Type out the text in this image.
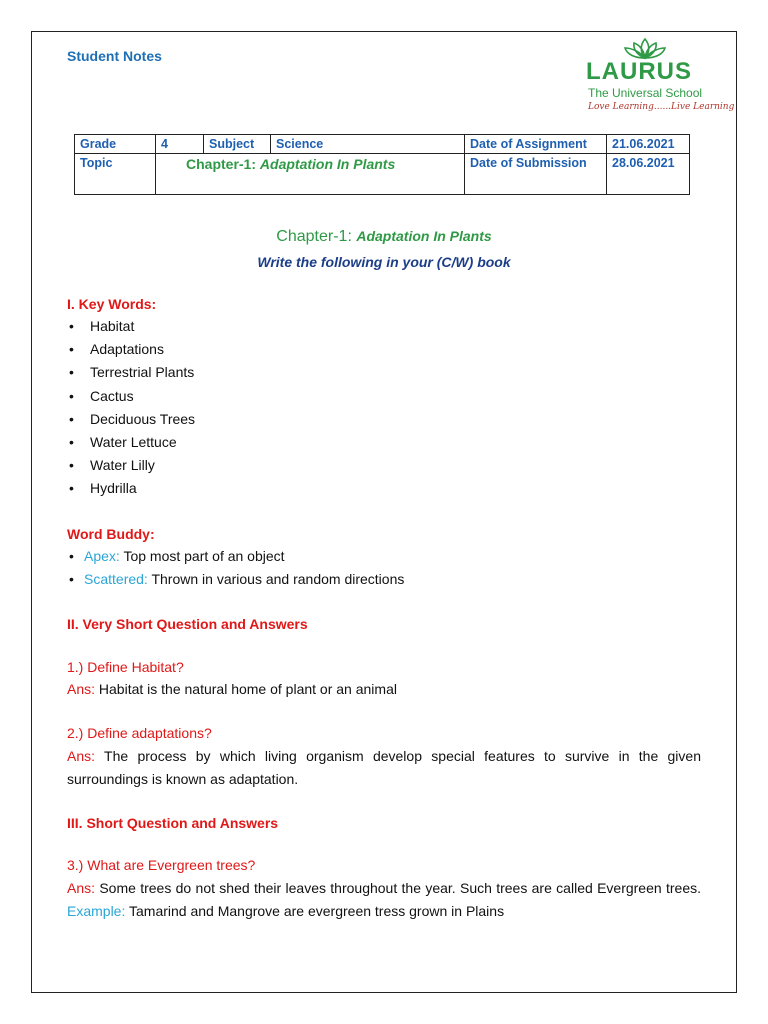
Student Notes
LAURUS
The Universal School
Love Learning......Live Learning
Grade	4	Subject	Science	Date of Assignment	21.06.2021
Topic	Chapter-1: Adaptation In Plants			Date of Submission	28.06.2021
Chapter-1: Adaptation In Plants
Write the following in your (C/W) book
I. Key Words:
• Habitat
• Adaptations
• Terrestrial Plants
• Cactus
• Deciduous Trees
• Water Lettuce
• Water Lilly
• Hydrilla
Word Buddy:
• Apex: Top most part of an object
• Scattered: Thrown in various and random directions
II. Very Short Question and Answers
1.) Define Habitat?
Ans: Habitat is the natural home of plant or an animal
2.) Define adaptations?
Ans: The process by which living organism develop special features to survive in the given surroundings is known as adaptation.
III. Short Question and Answers
3.) What are Evergreen trees?
Ans: Some trees do not shed their leaves throughout the year. Such trees are called Evergreen trees. Example: Tamarind and Mangrove are evergreen tress grown in Plains
